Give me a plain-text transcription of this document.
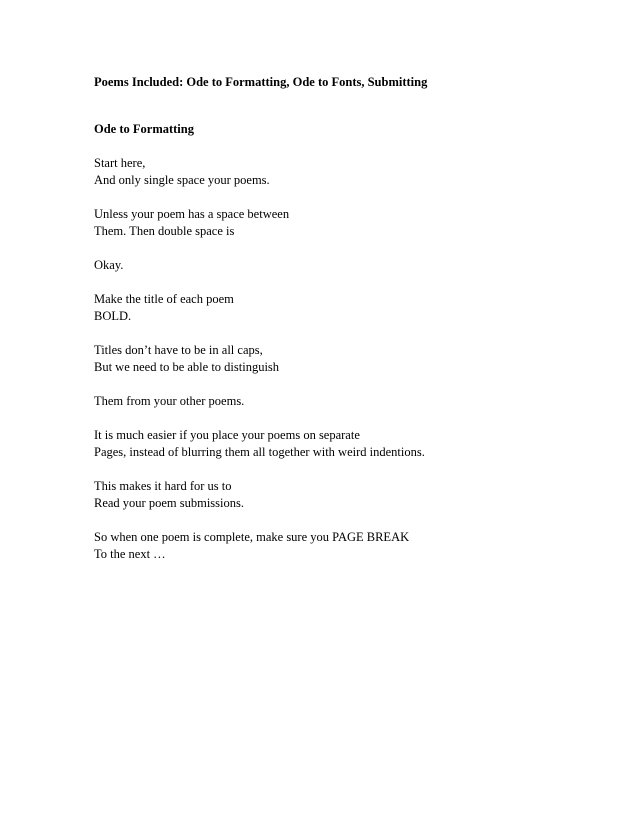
Poems Included: Ode to Formatting, Ode to Fonts, Submitting

Ode to Formatting

Start here,
And only single space your poems.
Unless your poem has a space between
Them. Then double space is
Okay.
Make the title of each poem
BOLD.
Titles don’t have to be in all caps,
But we need to be able to distinguish
Them from your other poems.
It is much easier if you place your poems on separate
Pages, instead of blurring them all together with weird indentions.
This makes it hard for us to
Read your poem submissions.
So when one poem is complete, make sure you PAGE BREAK
To the next …
